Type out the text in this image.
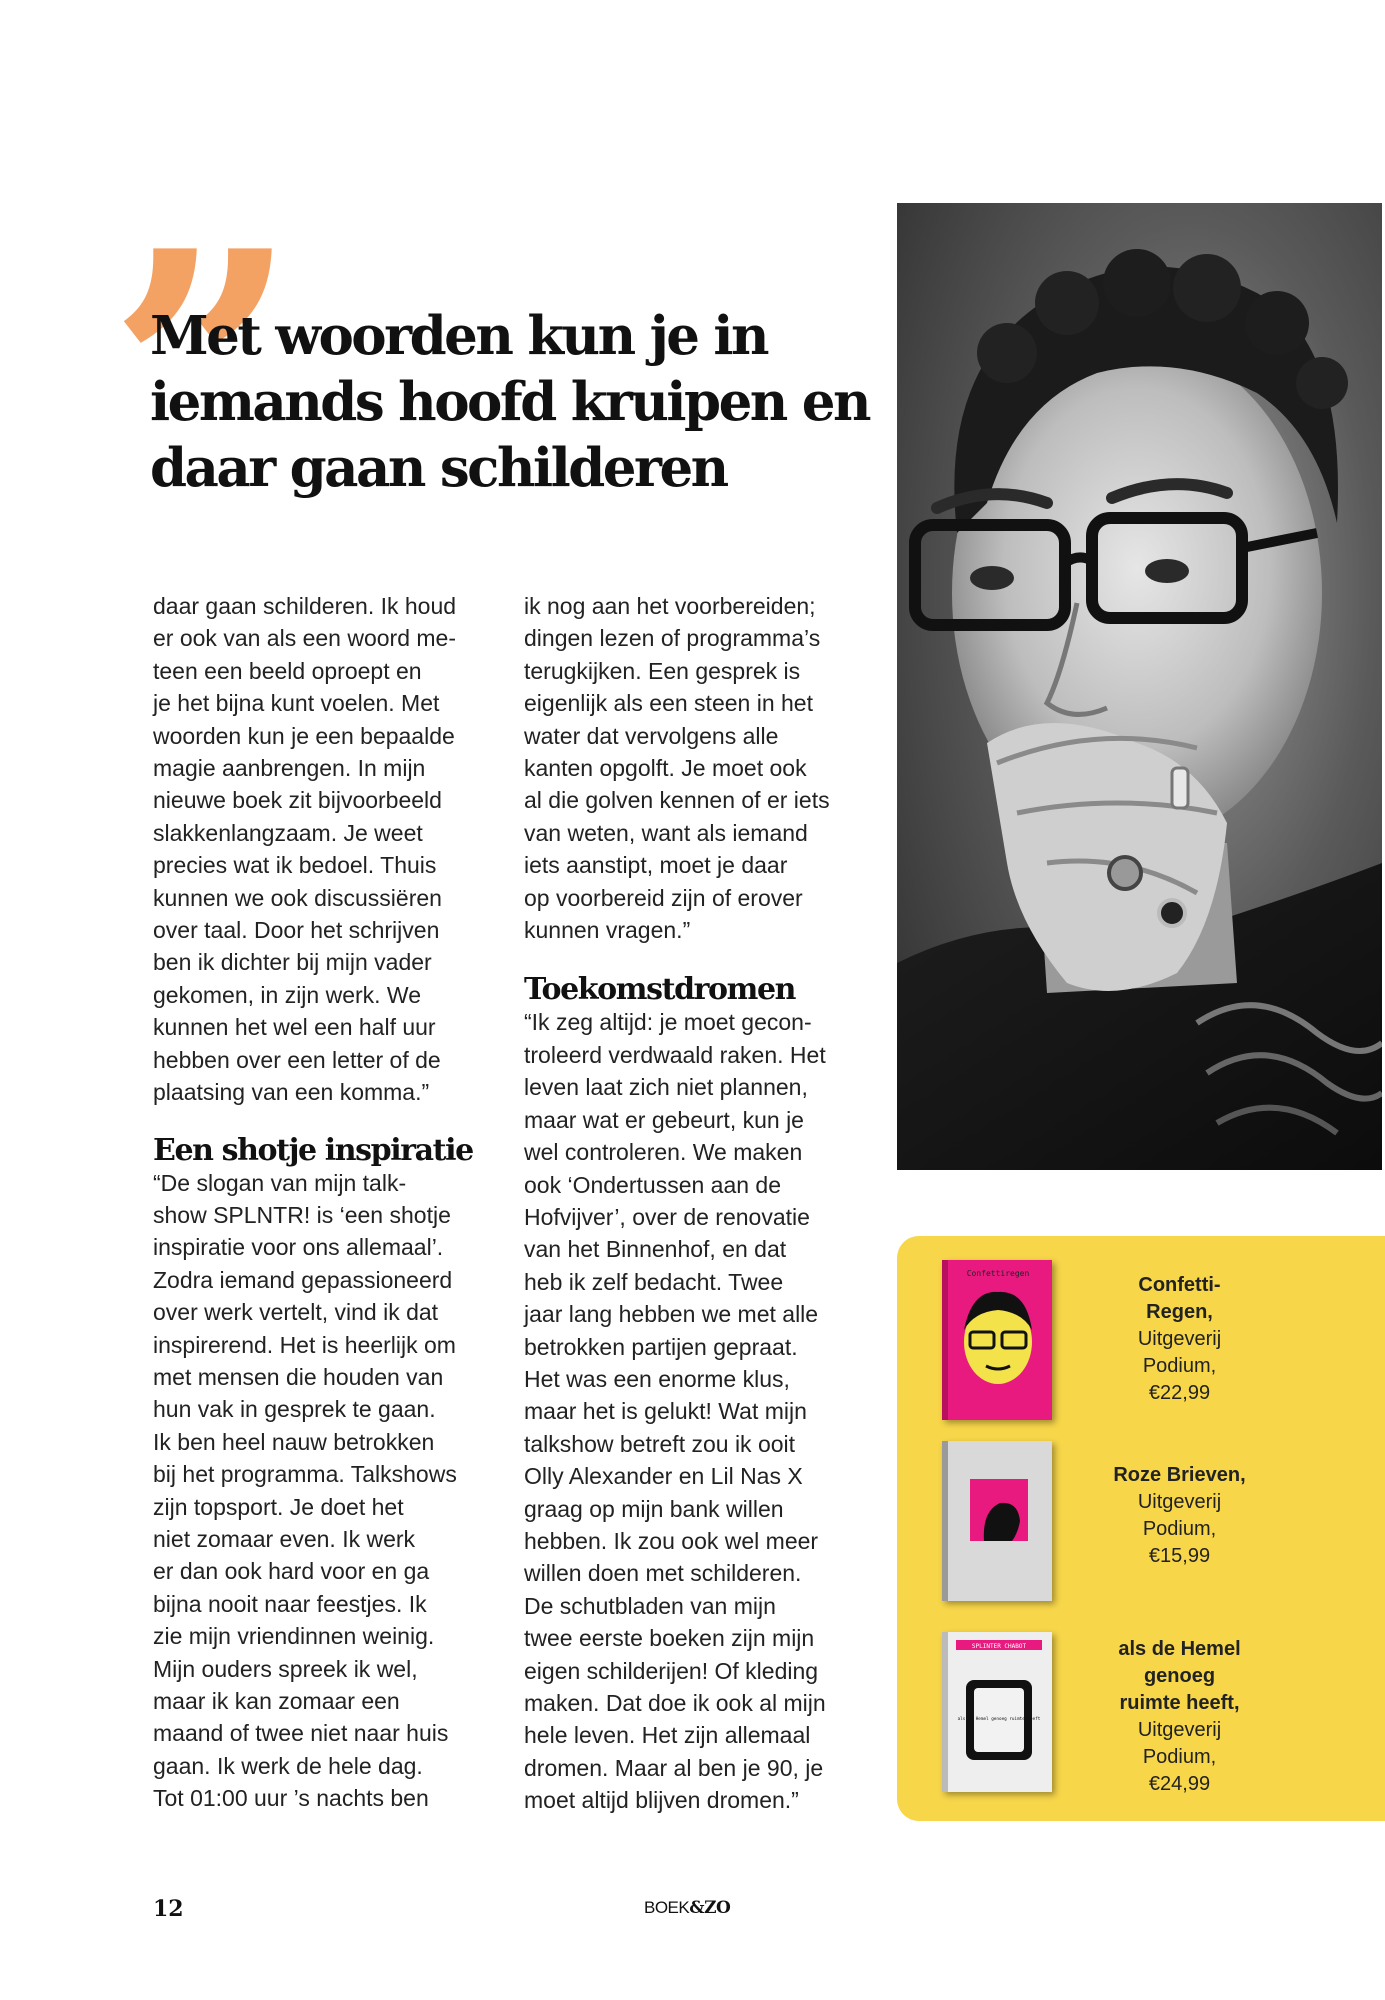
”
Met woorden kun je in
iemands hoofd kruipen en
daar gaan schilderen

daar gaan schilderen. Ik houd

er ook van als een woord me-

teen een beeld oproept en

je het bijna kunt voelen. Met

woorden kun je een bepaalde

magie aanbrengen. In mijn

nieuwe boek zit bijvoorbeeld

slakkenlangzaam. Je weet

precies wat ik bedoel. Thuis

kunnen we ook discussiëren

over taal. Door het schrijven

ben ik dichter bij mijn vader

gekomen, in zijn werk. We

kunnen het wel een half uur

hebben over een letter of de

plaatsing van een komma.”

Een shotje inspiratie

“De slogan van mijn talk-

show SPLNTR! is ‘een shotje

inspiratie voor ons allemaal’.

Zodra iemand gepassioneerd

over werk vertelt, vind ik dat

inspirerend. Het is heerlijk om

met mensen die houden van

hun vak in gesprek te gaan.

Ik ben heel nauw betrokken

bij het programma. Talkshows

zijn topsport. Je doet het

niet zomaar even. Ik werk

er dan ook hard voor en ga

bijna nooit naar feestjes. Ik

zie mijn vriendinnen weinig.

Mijn ouders spreek ik wel,

maar ik kan zomaar een

maand of twee niet naar huis

gaan. Ik werk de hele dag.

Tot 01:00 uur ’s nachts ben

ik nog aan het voorbereiden;

dingen lezen of programma’s

terugkijken. Een gesprek is

eigenlijk als een steen in het

water dat vervolgens alle

kanten opgolft. Je moet ook

al die golven kennen of er iets

van weten, want als iemand

iets aanstipt, moet je daar

op voorbereid zijn of erover

kunnen vragen.”

Toekomstdromen

“Ik zeg altijd: je moet gecon-

troleerd verdwaald raken. Het

leven laat zich niet plannen,

maar wat er gebeurt, kun je

wel controleren. We maken

ook ‘Ondertussen aan de

Hofvijver’, over de renovatie

van het Binnenhof, en dat

heb ik zelf bedacht. Twee

jaar lang hebben we met alle

betrokken partijen gepraat.

Het was een enorme klus,

maar het is gelukt! Wat mijn

talkshow betreft zou ik ooit

Olly Alexander en Lil Nas X

graag op mijn bank willen

hebben. Ik zou ook wel meer

willen doen met schilderen.

De schutbladen van mijn

twee eerste boeken zijn mijn

eigen schilderijen! Of kleding

maken. Dat doe ik ook al mijn

hele leven. Het zijn allemaal

dromen. Maar al ben je 90, je

moet altijd blijven dromen.”

Confettiregen
Confetti-
Regen,
Uitgeverij
Podium,
€22,99
Roze Brieven,
Uitgeverij
Podium,
€15,99
SPLINTER CHABOT
als de Hemel genoeg ruimte heeft
als de Hemel
genoeg
ruimte heeft,
Uitgeverij
Podium,
€24,99
12	BOEK&ZO
